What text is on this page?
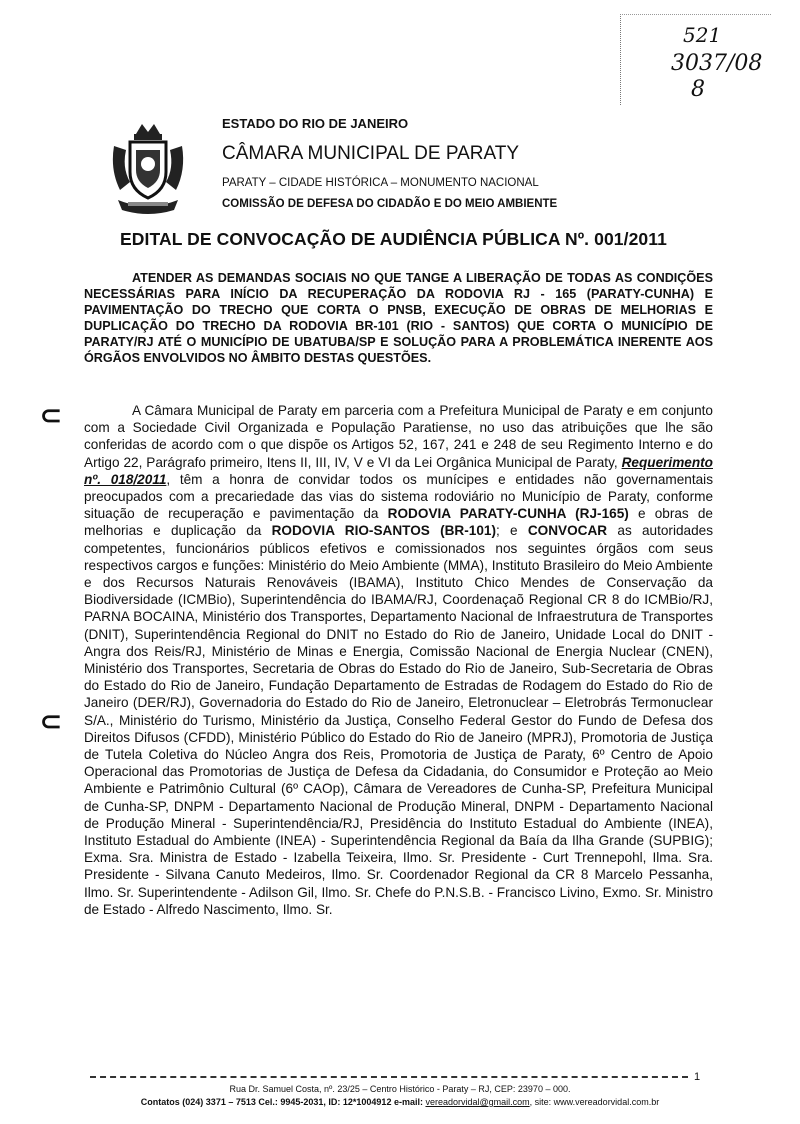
521
3037/08
8
ESTADO DO RIO DE JANEIRO
CÂMARA MUNICIPAL DE PARATY
PARATY – CIDADE HISTÓRICA – MONUMENTO NACIONAL
COMISSÃO DE DEFESA DO CIDADÃO E DO MEIO AMBIENTE
EDITAL DE CONVOCAÇÃO DE AUDIÊNCIA PÚBLICA Nº. 001/2011
ATENDER AS DEMANDAS SOCIAIS NO QUE TANGE A LIBERAÇÃO DE TODAS AS CONDIÇÕES NECESSÁRIAS PARA INÍCIO DA RECUPERAÇÃO DA RODOVIA RJ - 165 (PARATY-CUNHA) E PAVIMENTAÇÃO DO TRECHO QUE CORTA O PNSB, EXECUÇÃO DE OBRAS DE MELHORIAS E DUPLICAÇÃO DO TRECHO DA RODOVIA BR-101 (RIO - SANTOS) QUE CORTA O MUNICÍPIO DE PARATY/RJ ATÉ O MUNICÍPIO DE UBATUBA/SP E SOLUÇÃO PARA A PROBLEMÁTICA INERENTE AOS ÓRGÃOS ENVOLVIDOS NO ÂMBITO DESTAS QUESTÕES.
⊂
⊂
A Câmara Municipal de Paraty em parceria com a Prefeitura Municipal de Paraty e em conjunto com a Sociedade Civil Organizada e População Paratiense, no uso das atribuições que lhe são conferidas de acordo com o que dispõe os Artigos 52, 167, 241 e 248 de seu Regimento Interno e do Artigo 22, Parágrafo primeiro, Itens II, III, IV, V e VI da Lei Orgânica Municipal de Paraty, Requerimento nº. 018/2011, têm a honra de convidar todos os munícipes e entidades não governamentais preocupados com a precariedade das vias do sistema rodoviário no Município de Paraty, conforme situação de recuperação e pavimentação da RODOVIA PARATY-CUNHA (RJ-165) e obras de melhorias e duplicação da RODOVIA RIO-SANTOS (BR-101); e CONVOCAR as autoridades competentes, funcionários públicos efetivos e comissionados nos seguintes órgãos com seus respectivos cargos e funções: Ministério do Meio Ambiente (MMA), Instituto Brasileiro do Meio Ambiente e dos Recursos Naturais Renováveis (IBAMA), Instituto Chico Mendes de Conservação da Biodiversidade (ICMBio), Superintendência do IBAMA/RJ, Coordenaçaõ Regional CR 8 do ICMBio/RJ, PARNA BOCAINA, Ministério dos Transportes, Departamento Nacional de Infraestrutura de Transportes (DNIT), Superintendência Regional do DNIT no Estado do Rio de Janeiro, Unidade Local do DNIT - Angra dos Reis/RJ, Ministério de Minas e Energia, Comissão Nacional de Energia Nuclear (CNEN), Ministério dos Transportes, Secretaria de Obras do Estado do Rio de Janeiro, Sub-Secretaria de Obras do Estado do Rio de Janeiro, Fundação Departamento de Estradas de Rodagem do Estado do Rio de Janeiro (DER/RJ), Governadoria do Estado do Rio de Janeiro, Eletronuclear – Eletrobrás Termonuclear S/A., Ministério do Turismo, Ministério da Justiça, Conselho Federal Gestor do Fundo de Defesa dos Direitos Difusos (CFDD), Ministério Público do Estado do Rio de Janeiro (MPRJ), Promotoria de Justiça de Tutela Coletiva do Núcleo Angra dos Reis, Promotoria de Justiça de Paraty, 6º Centro de Apoio Operacional das Promotorias de Justiça de Defesa da Cidadania, do Consumidor e Proteção ao Meio Ambiente e Patrimônio Cultural (6º CAOp), Câmara de Vereadores de Cunha-SP, Prefeitura Municipal de Cunha-SP, DNPM - Departamento Nacional de Produção Mineral, DNPM - Departamento Nacional de Produção Mineral - Superintendência/RJ, Presidência do Instituto Estadual do Ambiente (INEA), Instituto Estadual do Ambiente (INEA) - Superintendência Regional da Baía da Ilha Grande (SUPBIG); Exma. Sra. Ministra de Estado - Izabella Teixeira, Ilmo. Sr. Presidente - Curt Trennepohl, Ilma. Sra. Presidente - Silvana Canuto Medeiros, Ilmo. Sr. Coordenador Regional da CR 8 Marcelo Pessanha, Ilmo. Sr. Superintendente - Adilson Gil, Ilmo. Sr. Chefe do P.N.S.B. - Francisco Livino, Exmo. Sr. Ministro de Estado - Alfredo Nascimento, Ilmo. Sr.
1
Rua Dr. Samuel Costa, nº. 23/25 – Centro Histórico - Paraty – RJ, CEP: 23970 – 000.
Contatos (024) 3371 – 7513 Cel.: 9945-2031, ID: 12*1004912 e-mail: vereadorvidal@gmail.com, site: www.vereadorvidal.com.br
